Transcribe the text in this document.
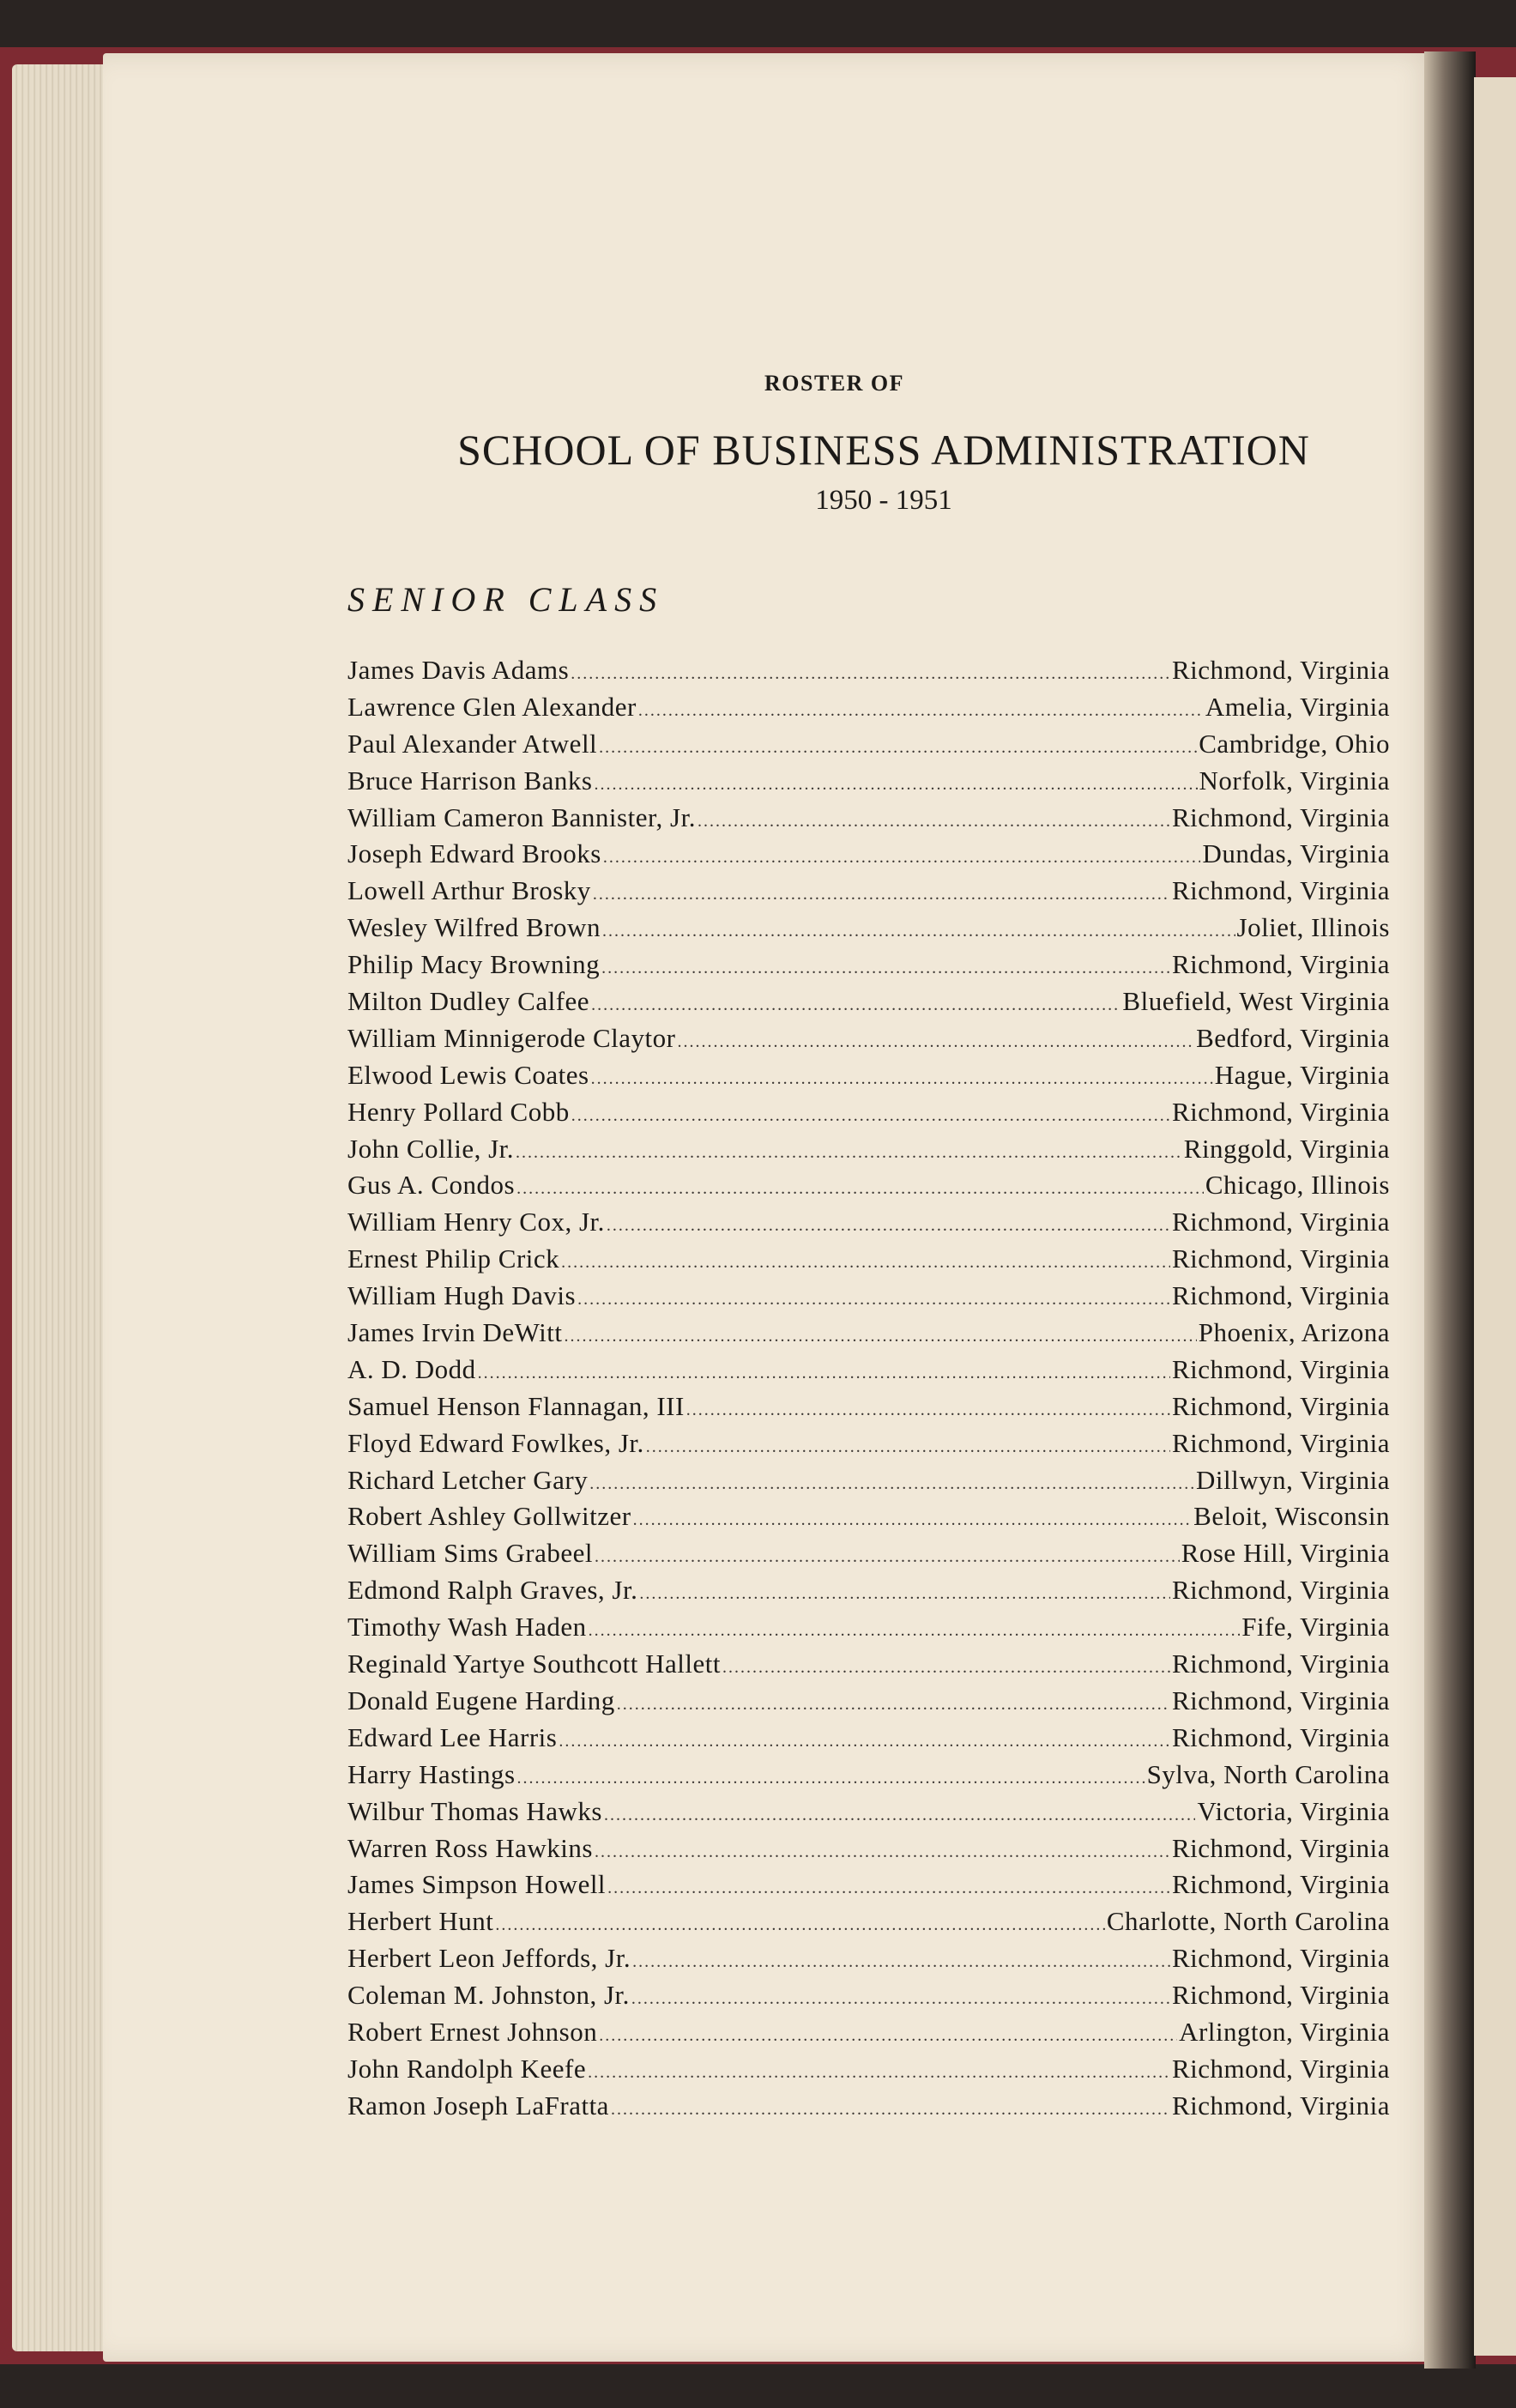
ROSTER OF
SCHOOL OF BUSINESS ADMINISTRATION
1950 - 1951
SENIOR CLASS
James Davis Adams .....	Richmond, Virginia
Lawrence Glen Alexander .....	Amelia, Virginia
Paul Alexander Atwell .....	Cambridge, Ohio
Bruce Harrison Banks .....	Norfolk, Virginia
William Cameron Bannister, Jr. .....	Richmond, Virginia
Joseph Edward Brooks .....	Dundas, Virginia
Lowell Arthur Brosky .....	Richmond, Virginia
Wesley Wilfred Brown .....	Joliet, Illinois
Philip Macy Browning .....	Richmond, Virginia
Milton Dudley Calfee .....	Bluefield, West Virginia
William Minnigerode Claytor .....	Bedford, Virginia
Elwood Lewis Coates .....	Hague, Virginia
Henry Pollard Cobb .....	Richmond, Virginia
John Collie, Jr. .....	Ringgold, Virginia
Gus A. Condos .....	Chicago, Illinois
William Henry Cox, Jr. .....	Richmond, Virginia
Ernest Philip Crick .....	Richmond, Virginia
William Hugh Davis .....	Richmond, Virginia
James Irvin DeWitt .....	Phoenix, Arizona
A. D. Dodd .....	Richmond, Virginia
Samuel Henson Flannagan, III .....	Richmond, Virginia
Floyd Edward Fowlkes, Jr. .....	Richmond, Virginia
Richard Letcher Gary .....	Dillwyn, Virginia
Robert Ashley Gollwitzer .....	Beloit, Wisconsin
William Sims Grabeel .....	Rose Hill, Virginia
Edmond Ralph Graves, Jr. .....	Richmond, Virginia
Timothy Wash Haden .....	Fife, Virginia
Reginald Yartye Southcott Hallett .....	Richmond, Virginia
Donald Eugene Harding .....	Richmond, Virginia
Edward Lee Harris .....	Richmond, Virginia
Harry Hastings .....	Sylva, North Carolina
Wilbur Thomas Hawks .....	Victoria, Virginia
Warren Ross Hawkins .....	Richmond, Virginia
James Simpson Howell .....	Richmond, Virginia
Herbert Hunt .....	Charlotte, North Carolina
Herbert Leon Jeffords, Jr. .....	Richmond, Virginia
Coleman M. Johnston, Jr. .....	Richmond, Virginia
Robert Ernest Johnson .....	Arlington, Virginia
John Randolph Keefe .....	Richmond, Virginia
Ramon Joseph LaFratta .....	Richmond, Virginia
